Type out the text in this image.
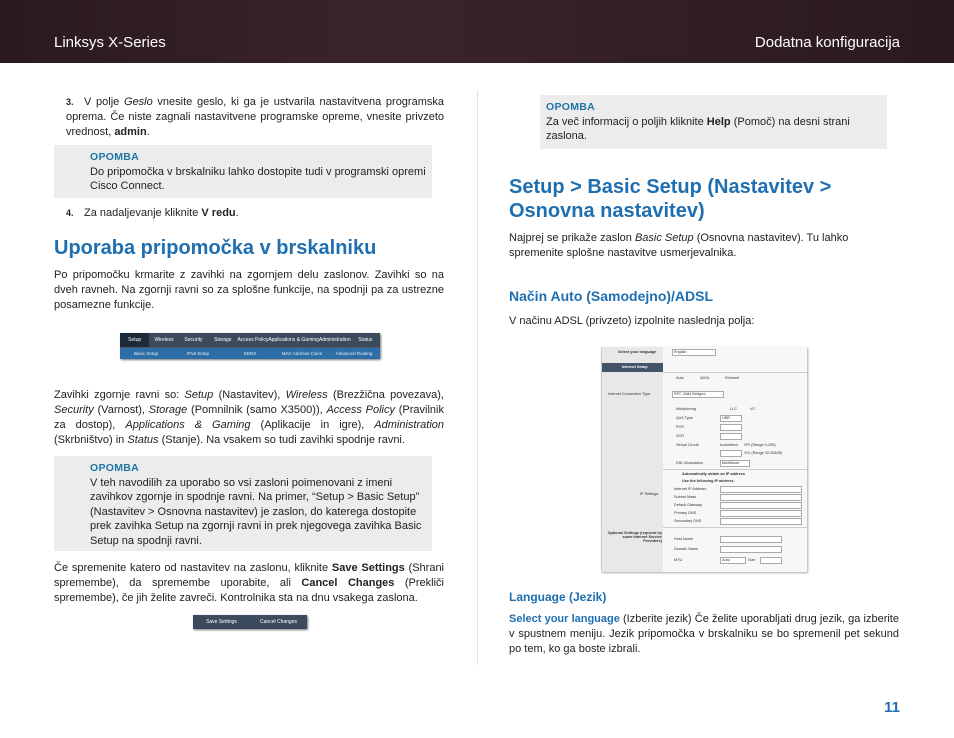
Linksys X-Series	Dodatna konfiguracija

3. V polje Geslo vnesite geslo, ki ga je ustvarila nastavitvena programska oprema. Če niste zagnali nastavitvene programske opreme, vnesite privzeto vrednost, admin.

OPOMBA
Do pripomočka v brskalniku lahko dostopite tudi v programski opremi Cisco Connect.

4. Za nadaljevanje kliknite V redu.

Uporaba pripomočka v brskalniku
Po pripomočku krmarite z zavihki na zgornjem delu zaslonov. Zavihki so na dveh ravneh. Na zgornji ravni so za splošne funkcije, na spodnji pa za ustrezne posamezne funkcije.
Setup	Wireless	Security	Storage	Access Policy Applications & Gaming Administration	Status
Basic Setup	IPv6 Setup	DDNS	MAC Address Clone	Advanced Routing
Zavihki zgornje ravni so: Setup (Nastavitev), Wireless (Brezžična povezava), Security (Varnost), Storage (Pomnilnik (samo X3500)), Access Policy (Pravilnik za dostop), Applications & Gaming (Aplikacije in igre), Administration (Skrbništvo) in Status (Stanje). Na vsakem so tudi zavihki spodnje ravni.
OPOMBA
V teh navodilih za uporabo so vsi zasloni poimenovani z imeni zavihkov zgornje in spodnje ravni. Na primer, “Setup > Basic Setup” (Nastavitev > Osnovna nastavitev) je zaslon, do katerega dostopite prek zavihka Setup na zgornji ravni in prek njegovega zavihka Basic Setup na spodnji ravni.
Če spremenite katero od nastavitev na zaslonu, kliknite Save Settings (Shrani spremembe), da spremembe uporabite, ali Cancel Changes (Prekliči spremembe), če jih želite zavreči. Kontrolnika sta na dnu vsakega zaslona.
Save Settings	Cancel Changes
OPOMBA
Za več informacij o poljih kliknite Help (Pomoč) na desni strani zaslona.
Setup > Basic Setup (Nastavitev > Osnovna nastavitev)
Najprej se prikaže zaslon Basic Setup (Osnovna nastavitev). Tu lahko spremenite splošne nastavitve usmerjevalnika.
Način Auto (Samodejno)/ADSL
V načinu ADSL (privzeto) izpolnite naslednja polja:
Select your language	English
Internet Setup
Auto	ADSL	Ethernet
Internet Connection Type	RFC 2684 Bridged
Multiplexing	LLC	VC
QoS Type	UBR
PCR
SCR
Autodetect
Virtual Circuit	VPI (Range 0-255)
VCI (Range 32-65535)
DSL Modulation	MultiMode
Automatically obtain an IP address
Use the following IP address
IP Settings
Internet IP Address
Subnet Mask
Default Gateway
Primary DNS
Secondary DNS
Optional Settings (required by some Internet Service Providers)	Host Name
Domain Name
MTU	Auto	Size
Language (Jezik)
Select your language (Izberite jezik) Če želite uporabljati drug jezik, ga izberite v spustnem meniju. Jezik pripomočka v brskalniku se bo spremenil pet sekund po tem, ko ga boste izbrali.
11
